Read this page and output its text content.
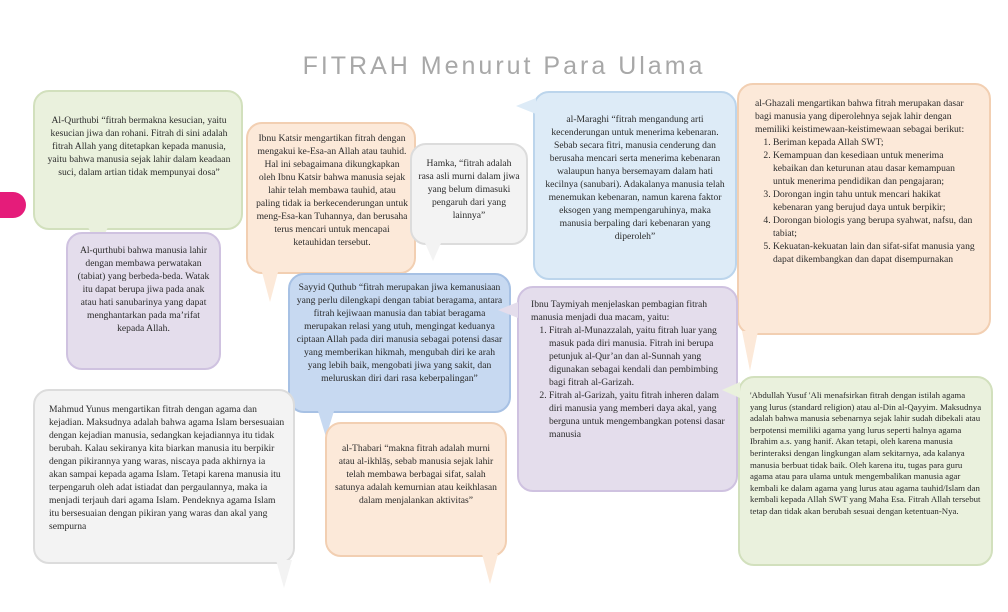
FITRAH Menurut Para Ulama
Al-Qurthubi “fitrah bermakna kesucian, yaitu kesucian jiwa dan rohani. Fitrah di sini adalah fitrah Allah yang ditetapkan kepada manusia, yaitu bahwa manusia sejak lahir dalam keadaan suci, dalam artian tidak mempunyai dosa”
Al-qurthubi bahwa manusia lahir dengan membawa perwatakan (tabiat) yang berbeda-beda. Watak itu dapat berupa jiwa pada anak atau hati sanubarinya yang dapat menghantarkan pada ma’rifat kepada Allah.
Ibnu Katsir mengartikan fitrah dengan mengakui ke-Esa-an Allah atau tauhid. Hal ini sebagaimana dikungkapkan oleh Ibnu Katsir bahwa manusia sejak lahir telah membawa tauhid, atau paling tidak ia berkecenderungan untuk meng-Esa-kan Tuhannya, dan berusaha terus mencari untuk mencapai ketauhidan tersebut.
Hamka, “fitrah adalah rasa asli murni dalam jiwa yang belum dimasuki pengaruh dari yang lainnya”
al-Maraghi “fitrah mengandung arti kecenderungan untuk menerima kebenaran. Sebab secara fitri, manusia cenderung dan berusaha mencari serta menerima kebenaran walaupun hanya bersemayam dalam hati kecilnya (sanubari). Adakalanya manusia telah menemukan kebenaran, namun karena faktor eksogen yang mempengaruhinya, maka manusia berpaling dari kebenaran yang diperoleh”
al-Ghazali mengartikan bahwa fitrah merupakan dasar bagi manusia yang diperolehnya sejak lahir dengan memiliki keistimewaan-keistimewaan sebagai berikut:
1. Beriman kepada Allah SWT;
2. Kemampuan dan kesediaan untuk menerima kebaikan dan keturunan atau dasar kemampuan untuk menerima pendidikan dan pengajaran;
3. Dorongan ingin tahu untuk mencari hakikat kebenaran yang berujud daya untuk berpikir;
4. Dorongan biologis yang berupa syahwat, nafsu, dan tabiat;
5. Kekuatan-kekuatan lain dan sifat-sifat manusia yang dapat dikembangkan dan dapat disempurnakan
Sayyid Quthub “fitrah merupakan jiwa kemanusiaan yang perlu dilengkapi dengan tabiat beragama, antara fitrah kejiwaan manusia dan tabiat beragama merupakan relasi yang utuh, mengingat keduanya ciptaan Allah pada diri manusia sebagai potensi dasar yang memberikan hikmah, mengubah diri ke arah yang lebih baik, mengobati jiwa yang sakit, dan meluruskan diri dari rasa keberpalingan”
Ibnu Taymiyah menjelaskan pembagian fitrah manusia menjadi dua macam, yaitu:
1. Fitrah al-Munazzalah, yaitu fitrah luar yang masuk pada diri manusia. Fitrah ini berupa petunjuk al-Qur’an dan al-Sunnah yang digunakan sebagai kendali dan pembimbing bagi fitrah al-Garizah.
2. Fitrah al-Garizah, yaitu fitrah inheren dalam diri manusia yang memberi daya akal, yang berguna untuk mengembangkan potensi dasar manusia
Mahmud Yunus mengartikan fitrah dengan agama dan kejadian. Maksudnya adalah bahwa agama Islam bersesuaian dengan kejadian manusia, sedangkan kejadiannya itu tidak berubah. Kalau sekiranya kita biarkan manusia itu berpikir dengan pikirannya yang waras, niscaya pada akhirnya ia akan sampai kepada agama Islam. Tetapi karena manusia itu terpengaruh oleh adat istiadat dan pergaulannya, maka ia menjadi terjauh dari agama Islam. Pendeknya agama Islam itu bersesuaian dengan pikiran yang waras dan akal yang sempurna
al-Thabari “makna fitrah adalah murni atau al-ikhlāṣ, sebab manusia sejak lahir telah membawa berbagai sifat, salah satunya adalah kemurnian atau keikhlasan dalam menjalankan aktivitas”
'Abdullah Yusuf 'Ali menafsirkan fitrah dengan istilah agama yang lurus (standard religion) atau al-Din al-Qayyim. Maksudnya adalah bahwa manusia sebenarnya sejak lahir sudah dibekali atau berpotensi memiliki agama yang lurus seperti halnya agama Ibrahim a.s. yang hanif. Akan tetapi, oleh karena manusia berinteraksi dengan lingkungan alam sekitarnya, ada kalanya manusia berbuat tidak baik. Oleh karena itu, tugas para guru agama atau para ulama untuk mengembalikan manusia agar kembali ke dalam agama yang lurus atau agama tauhid/Islam dan kembali kepada Allah SWT yang Maha Esa. Fitrah Allah tersebut tetap dan tidak akan berubah sesuai dengan ketentuan-Nya.
